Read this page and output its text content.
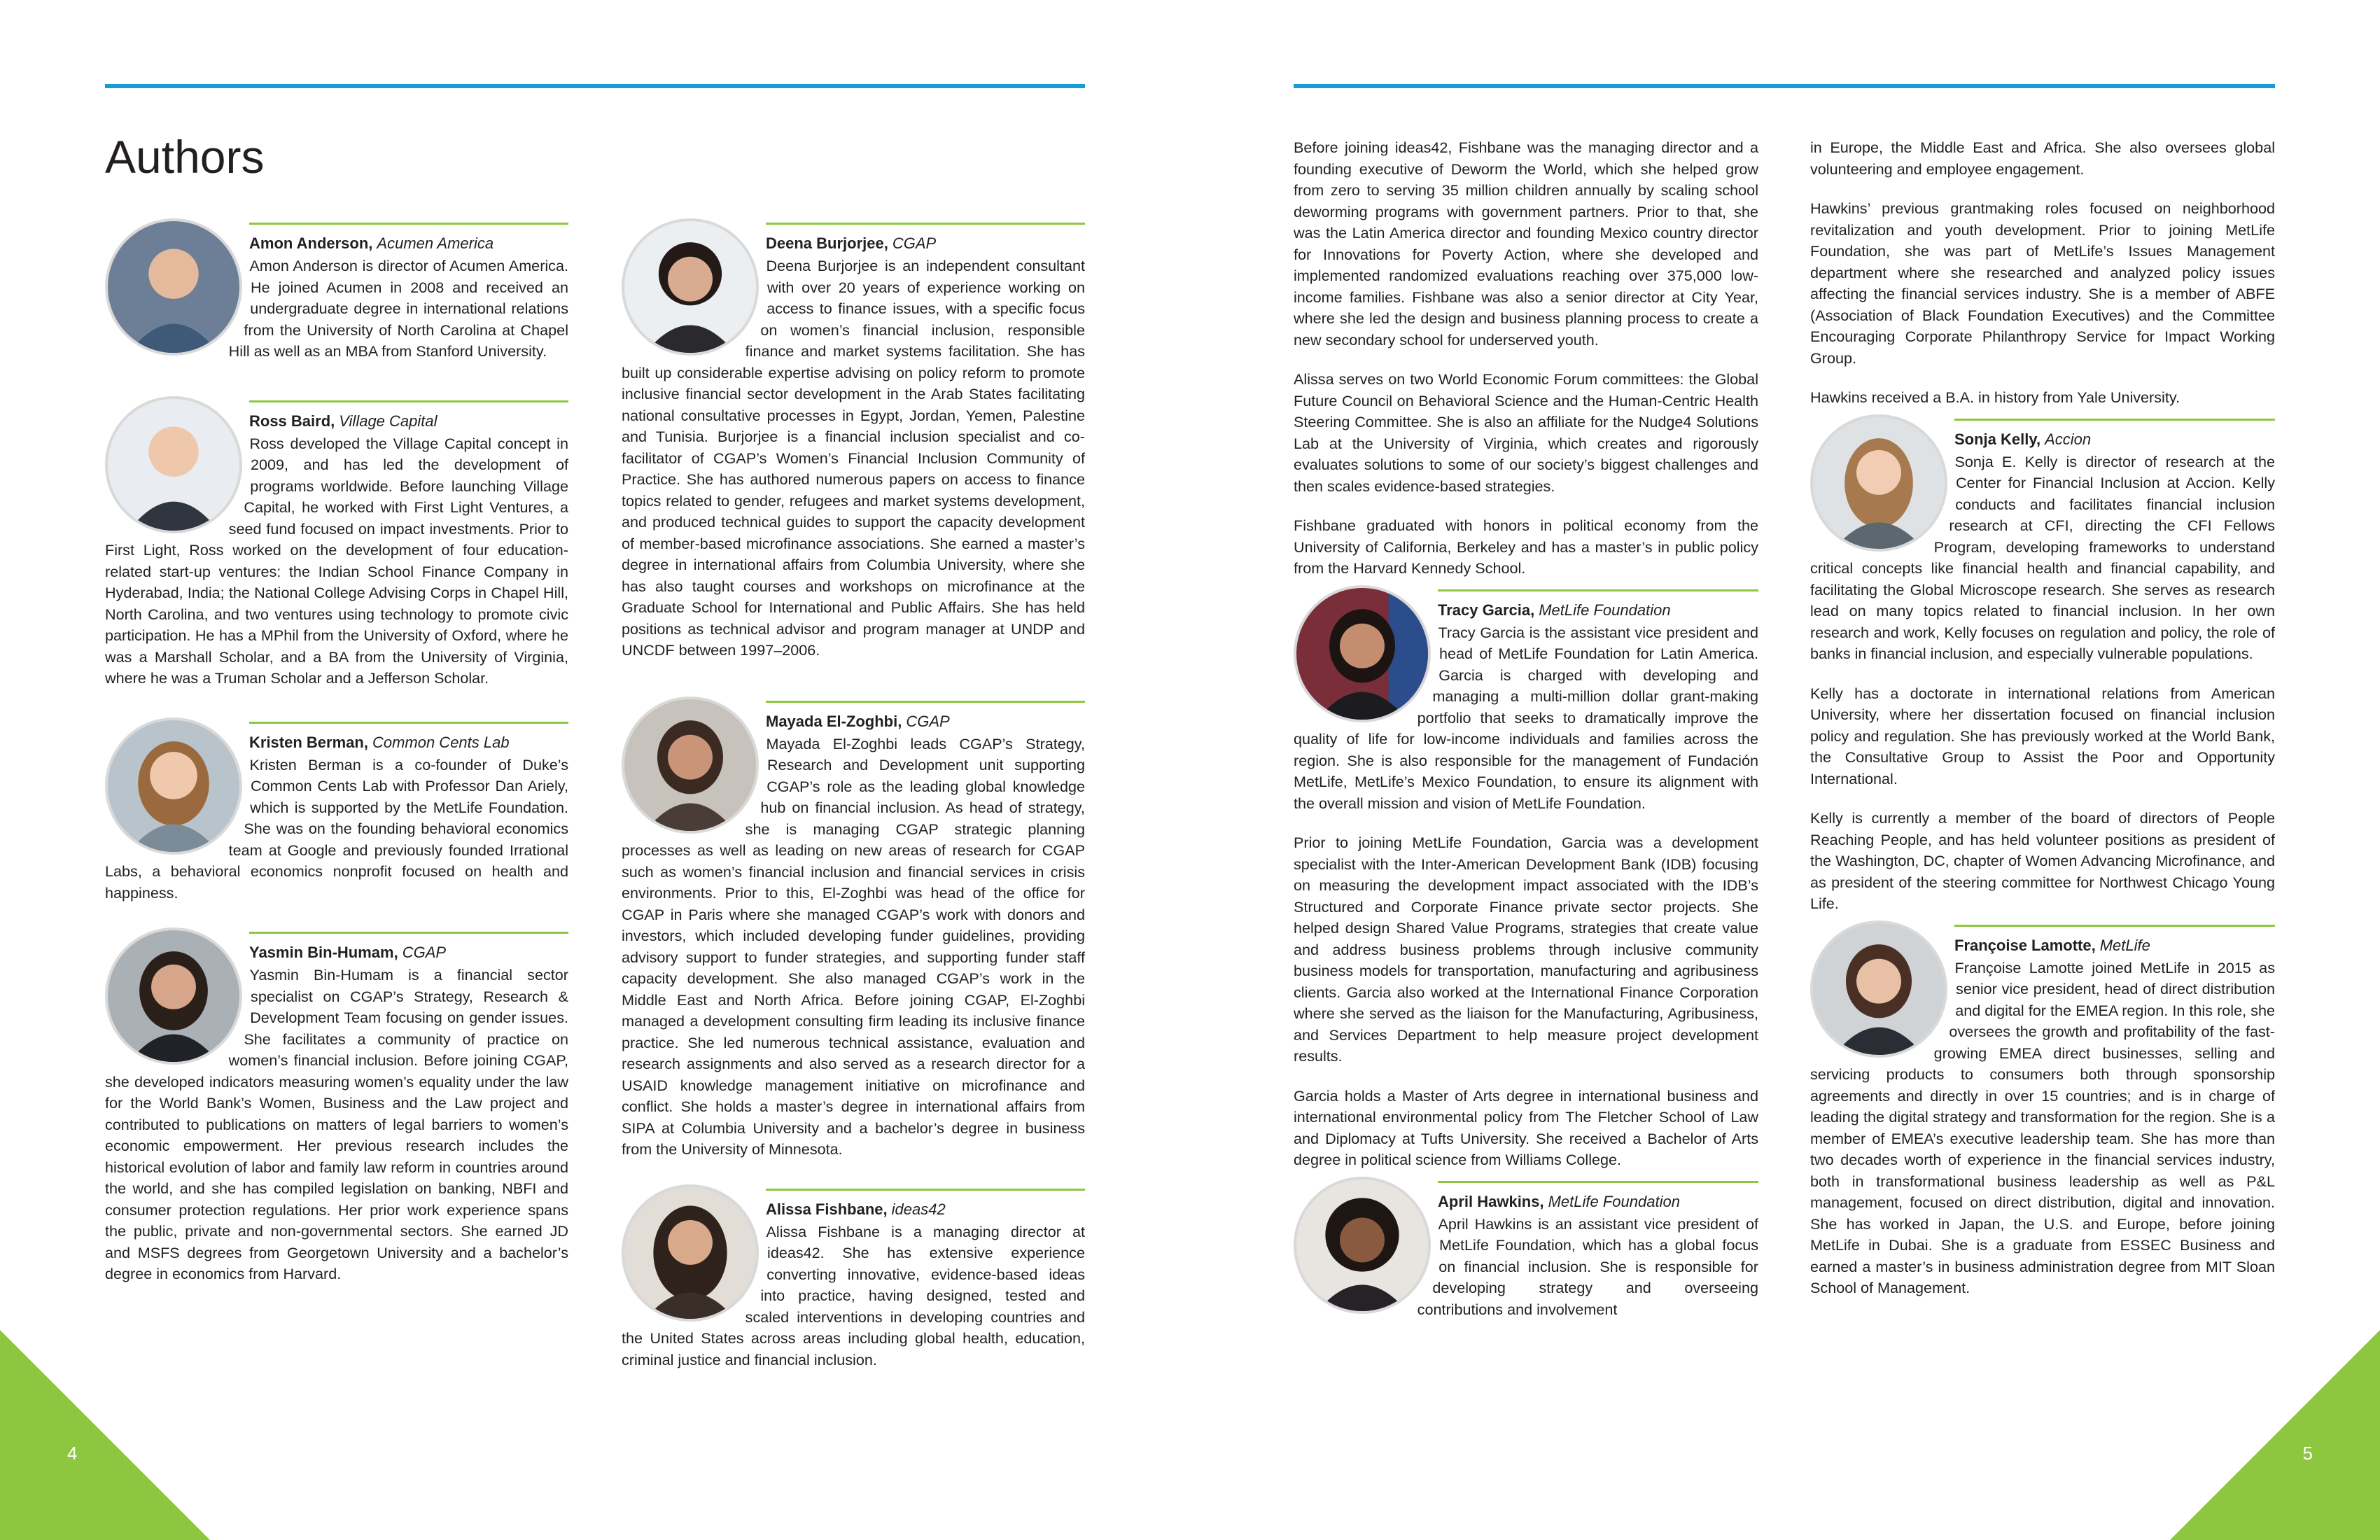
4	5
Authors
Amon Anderson, Acumen America

Amon Anderson is director of Acumen America. He joined Acumen in 2008 and received an undergraduate degree in international relations from the University of North Carolina at Chapel Hill as well as an MBA from Stanford University.

Ross Baird, Village Capital

Ross developed the Village Capital concept in 2009, and has led the development of programs worldwide. Before launching Village Capital, he worked with First Light Ventures, a seed fund focused on impact investments. Prior to First Light, Ross worked on the development of four education-related start-up ventures: the Indian School Finance Company in Hyderabad, India; the National College Advising Corps in Chapel Hill, North Carolina, and two ventures using technology to promote civic participation. He has a MPhil from the University of Oxford, where he was a Marshall Scholar, and a BA from the University of Virginia, where he was a Truman Scholar and a Jefferson Scholar.

Kristen Berman, Common Cents Lab

Kristen Berman is a co-founder of Duke’s Common Cents Lab with Professor Dan Ariely, which is supported by the MetLife Foundation. She was on the founding behavioral economics team at Google and previously founded Irrational Labs, a behavioral economics nonprofit focused on health and happiness.

Yasmin Bin-Humam, CGAP

Yasmin Bin-Humam is a financial sector specialist on CGAP’s Strategy, Research & Development Team focusing on gender issues. She facilitates a community of practice on women’s financial inclusion. Before joining CGAP, she developed indicators measuring women’s equality under the law for the World Bank’s Women, Business and the Law project and contributed to publications on matters of legal barriers to women’s economic empowerment. Her previous research includes the historical evolution of labor and family law reform in countries around the world, and she has compiled legislation on banking, NBFI and consumer protection regulations. Her prior work experience spans the public, private and non-governmental sectors. She earned JD and MSFS degrees from Georgetown University and a bachelor’s degree in economics from Harvard.

Deena Burjorjee, CGAP

Deena Burjorjee is an independent consultant with over 20 years of experience working on access to finance issues, with a specific focus on women’s financial inclusion, responsible finance and market systems facilitation. She has built up considerable expertise advising on policy reform to promote inclusive financial sector development in the Arab States facilitating national consultative processes in Egypt, Jordan, Yemen, Palestine and Tunisia. Burjorjee is a financial inclusion specialist and co-facilitator of CGAP’s Women’s Financial Inclusion Community of Practice. She has authored numerous papers on access to finance topics related to gender, refugees and market systems development, and produced technical guides to support the capacity development of member-based microfinance associations. She earned a master’s degree in international affairs from Columbia University, where she has also taught courses and workshops on microfinance at the Graduate School for International and Public Affairs. She has held positions as technical advisor and program manager at UNDP and UNCDF between 1997–2006.

Mayada El-Zoghbi, CGAP

Mayada El-Zoghbi leads CGAP’s Strategy, Research and Development unit supporting CGAP’s role as the leading global knowledge hub on financial inclusion. As head of strategy, she is managing CGAP strategic planning processes as well as leading on new areas of research for CGAP such as women’s financial inclusion and financial services in crisis environments. Prior to this, El-Zoghbi was head of the office for CGAP in Paris where she managed CGAP’s work with donors and investors, which included developing funder guidelines, providing advisory support to funder strategies, and supporting funder staff capacity development. She also managed CGAP’s work in the Middle East and North Africa. Before joining CGAP, El-Zoghbi managed a development consulting firm leading its inclusive finance practice. She led numerous technical assistance, evaluation and research assignments and also served as a research director for a USAID knowledge management initiative on microfinance and conflict. She holds a master’s degree in international affairs from SIPA at Columbia University and a bachelor’s degree in business from the University of Minnesota.

Alissa Fishbane, ideas42

Alissa Fishbane is a managing director at ideas42. She has extensive experience converting innovative, evidence-based ideas into practice, having designed, tested and scaled interventions in developing countries and the United States across areas including global health, education, criminal justice and financial inclusion.

Before joining ideas42, Fishbane was the managing director and a founding executive of Deworm the World, which she helped grow from zero to serving 35 million children annually by scaling school deworming programs with government partners. Prior to that, she was the Latin America director and founding Mexico country director for Innovations for Poverty Action, where she developed and implemented randomized evaluations reaching over 375,000 low-income families. Fishbane was also a senior director at City Year, where she led the design and business planning process to create a new secondary school for underserved youth.

Alissa serves on two World Economic Forum committees: the Global Future Council on Behavioral Science and the Human-Centric Health Steering Committee. She is also an affiliate for the Nudge4 Solutions Lab at the University of Virginia, which creates and rigorously evaluates solutions to some of our society’s biggest challenges and then scales evidence-based strategies.

Fishbane graduated with honors in political economy from the University of California, Berkeley and has a master’s in public policy from the Harvard Kennedy School.

Tracy Garcia, MetLife Foundation

Tracy Garcia is the assistant vice president and head of MetLife Foundation for Latin America. Garcia is charged with developing and managing a multi-million dollar grant-making portfolio that seeks to dramatically improve the quality of life for low-income individuals and families across the region. She is also responsible for the management of Fundación MetLife, MetLife’s Mexico Foundation, to ensure its alignment with the overall mission and vision of MetLife Foundation.

Prior to joining MetLife Foundation, Garcia was a development specialist with the Inter-American Development Bank (IDB) focusing on measuring the development impact associated with the IDB’s Structured and Corporate Finance private sector projects. She helped design Shared Value Programs, strategies that create value and address business problems through inclusive community business models for transportation, manufacturing and agribusiness clients. Garcia also worked at the International Finance Corporation where she served as the liaison for the Manufacturing, Agribusiness, and Services Department to help measure project development results.

Garcia holds a Master of Arts degree in international business and international environmental policy from The Fletcher School of Law and Diplomacy at Tufts University. She received a Bachelor of Arts degree in political science from Williams College.

April Hawkins, MetLife Foundation

April Hawkins is an assistant vice president of MetLife Foundation, which has a global focus on financial inclusion. She is responsible for developing strategy and overseeing contributions and involvement

in Europe, the Middle East and Africa. She also oversees global volunteering and employee engagement.

Hawkins’ previous grantmaking roles focused on neighborhood revitalization and youth development. Prior to joining MetLife Foundation, she was part of MetLife’s Issues Management department where she researched and analyzed policy issues affecting the financial services industry. She is a member of ABFE (Association of Black Foundation Executives) and the Committee Encouraging Corporate Philanthropy Service for Impact Working Group.

Hawkins received a B.A. in history from Yale University.

Sonja Kelly, Accion

Sonja E. Kelly is director of research at the Center for Financial Inclusion at Accion. Kelly conducts and facilitates financial inclusion research at CFI, directing the CFI Fellows Program, developing frameworks to understand critical concepts like financial health and financial capability, and facilitating the Global Microscope research. She serves as research lead on many topics related to financial inclusion. In her own research and work, Kelly focuses on regulation and policy, the role of banks in financial inclusion, and especially vulnerable populations.

Kelly has a doctorate in international relations from American University, where her dissertation focused on financial inclusion policy and regulation. She has previously worked at the World Bank, the Consultative Group to Assist the Poor and Opportunity International.

Kelly is currently a member of the board of directors of People Reaching People, and has held volunteer positions as president of the Washington, DC, chapter of Women Advancing Microfinance, and as president of the steering committee for Northwest Chicago Young Life.

Françoise Lamotte, MetLife

Françoise Lamotte joined MetLife in 2015 as senior vice president, head of direct distribution and digital for the EMEA region. In this role, she oversees the growth and profitability of the fast-growing EMEA direct businesses, selling and servicing products to consumers both through sponsorship agreements and directly in over 15 countries; and is in charge of leading the digital strategy and transformation for the region. She is a member of EMEA’s executive leadership team. She has more than two decades worth of experience in the financial services industry, both in transformational business leadership as well as P&L management, focused on direct distribution, digital and innovation. She has worked in Japan, the U.S. and Europe, before joining MetLife in Dubai. She is a graduate from ESSEC Business and earned a master’s in business administration degree from MIT Sloan School of Management.
